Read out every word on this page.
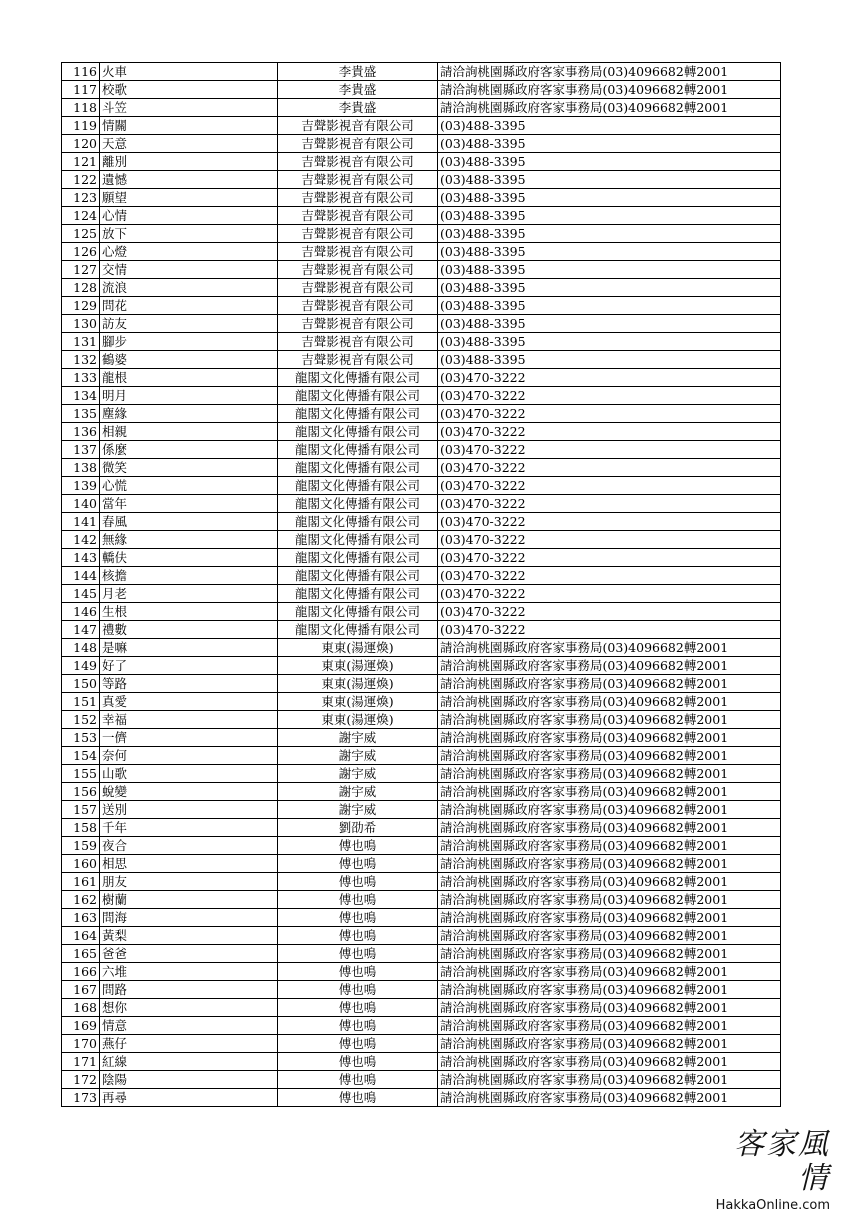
116	火車	李貴盛	請洽詢桃園縣政府客家事務局(03)4096682轉2001
117	校歌	李貴盛	請洽詢桃園縣政府客家事務局(03)4096682轉2001
118	斗笠	李貴盛	請洽詢桃園縣政府客家事務局(03)4096682轉2001
119	情關	吉聲影視音有限公司	(03)488-3395
120	天意	吉聲影視音有限公司	(03)488-3395
121	離別	吉聲影視音有限公司	(03)488-3395
122	遺憾	吉聲影視音有限公司	(03)488-3395
123	願望	吉聲影視音有限公司	(03)488-3395
124	心情	吉聲影視音有限公司	(03)488-3395
125	放下	吉聲影視音有限公司	(03)488-3395
126	心燈	吉聲影視音有限公司	(03)488-3395
127	交情	吉聲影視音有限公司	(03)488-3395
128	流浪	吉聲影視音有限公司	(03)488-3395
129	問花	吉聲影視音有限公司	(03)488-3395
130	訪友	吉聲影視音有限公司	(03)488-3395
131	腳步	吉聲影視音有限公司	(03)488-3395
132	鶴婆	吉聲影視音有限公司	(03)488-3395
133	龍根	龍閣文化傳播有限公司	(03)470-3222
134	明月	龍閣文化傳播有限公司	(03)470-3222
135	塵緣	龍閣文化傳播有限公司	(03)470-3222
136	相親	龍閣文化傳播有限公司	(03)470-3222
137	係麼	龍閣文化傳播有限公司	(03)470-3222
138	微笑	龍閣文化傳播有限公司	(03)470-3222
139	心慌	龍閣文化傳播有限公司	(03)470-3222
140	當年	龍閣文化傳播有限公司	(03)470-3222
141	春風	龍閣文化傳播有限公司	(03)470-3222
142	無緣	龍閣文化傳播有限公司	(03)470-3222
143	轎伕	龍閣文化傳播有限公司	(03)470-3222
144	核擔	龍閣文化傳播有限公司	(03)470-3222
145	月老	龍閣文化傳播有限公司	(03)470-3222
146	生根	龍閣文化傳播有限公司	(03)470-3222
147	禮數	龍閣文化傳播有限公司	(03)470-3222
148	是嘛	東東(湯運煥)	請洽詢桃園縣政府客家事務局(03)4096682轉2001
149	好了	東東(湯運煥)	請洽詢桃園縣政府客家事務局(03)4096682轉2001
150	等路	東東(湯運煥)	請洽詢桃園縣政府客家事務局(03)4096682轉2001
151	真愛	東東(湯運煥)	請洽詢桃園縣政府客家事務局(03)4096682轉2001
152	幸福	東東(湯運煥)	請洽詢桃園縣政府客家事務局(03)4096682轉2001
153	一儕	謝宇威	請洽詢桃園縣政府客家事務局(03)4096682轉2001
154	奈何	謝宇威	請洽詢桃園縣政府客家事務局(03)4096682轉2001
155	山歌	謝宇威	請洽詢桃園縣政府客家事務局(03)4096682轉2001
156	蛻變	謝宇威	請洽詢桃園縣政府客家事務局(03)4096682轉2001
157	送別	謝宇威	請洽詢桃園縣政府客家事務局(03)4096682轉2001
158	千年	劉劭希	請洽詢桃園縣政府客家事務局(03)4096682轉2001
159	夜合	傅也鳴	請洽詢桃園縣政府客家事務局(03)4096682轉2001
160	相思	傅也鳴	請洽詢桃園縣政府客家事務局(03)4096682轉2001
161	朋友	傅也鳴	請洽詢桃園縣政府客家事務局(03)4096682轉2001
162	樹蘭	傅也鳴	請洽詢桃園縣政府客家事務局(03)4096682轉2001
163	問海	傅也鳴	請洽詢桃園縣政府客家事務局(03)4096682轉2001
164	黃梨	傅也鳴	請洽詢桃園縣政府客家事務局(03)4096682轉2001
165	爸爸	傅也鳴	請洽詢桃園縣政府客家事務局(03)4096682轉2001
166	六堆	傅也鳴	請洽詢桃園縣政府客家事務局(03)4096682轉2001
167	問路	傅也鳴	請洽詢桃園縣政府客家事務局(03)4096682轉2001
168	想你	傅也鳴	請洽詢桃園縣政府客家事務局(03)4096682轉2001
169	情意	傅也鳴	請洽詢桃園縣政府客家事務局(03)4096682轉2001
170	燕仔	傅也鳴	請洽詢桃園縣政府客家事務局(03)4096682轉2001
171	紅線	傅也鳴	請洽詢桃園縣政府客家事務局(03)4096682轉2001
172	陰陽	傅也鳴	請洽詢桃園縣政府客家事務局(03)4096682轉2001
173	再尋	傅也鳴	請洽詢桃園縣政府客家事務局(03)4096682轉2001
客家風情
HakkaOnline.com
